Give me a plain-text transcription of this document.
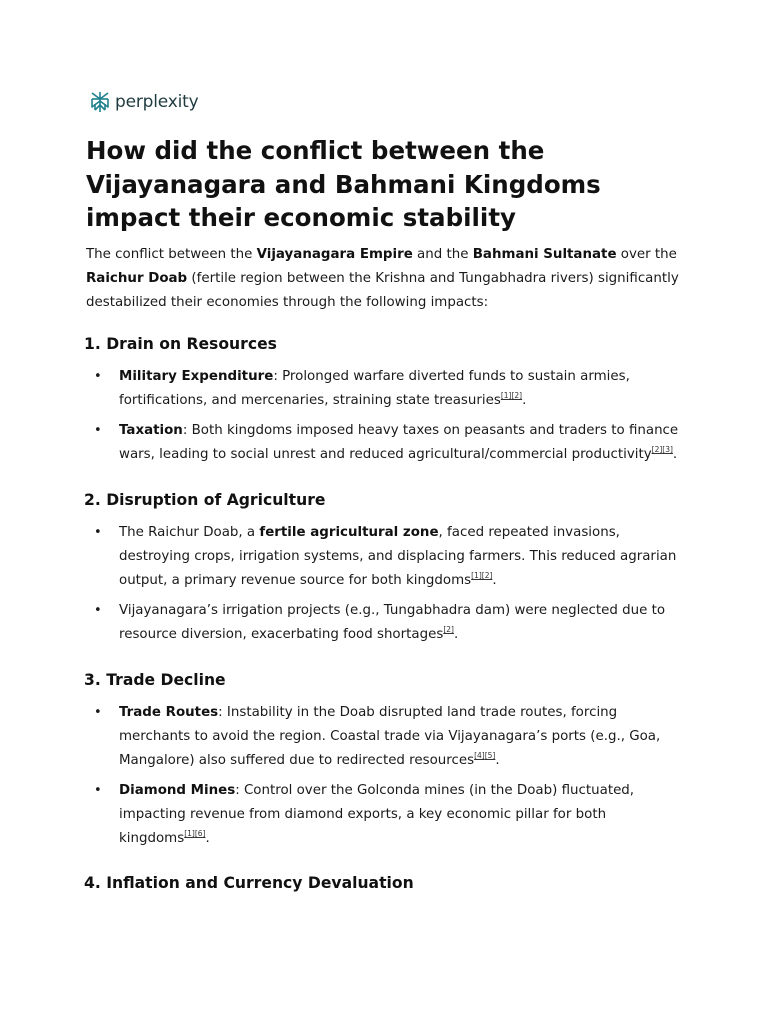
perplexity
How did the conflict between the Vijayanagara and Bahmani Kingdoms impact their economic stability

The conflict between the Vijayanagara Empire and the Bahmani Sultanate over the Raichur Doab (fertile region between the Krishna and Tungabhadra rivers) significantly destabilized their economies through the following impacts:

1. Drain on Resources
• Military Expenditure: Prolonged warfare diverted funds to sustain armies, fortifications, and mercenaries, straining state treasuries[1][2].
• Taxation: Both kingdoms imposed heavy taxes on peasants and traders to finance wars, leading to social unrest and reduced agricultural/commercial productivity[2][3].
2. Disruption of Agriculture
• The Raichur Doab, a fertile agricultural zone, faced repeated invasions, destroying crops, irrigation systems, and displacing farmers. This reduced agrarian output, a primary revenue source for both kingdoms[1][2].
• Vijayanagara’s irrigation projects (e.g., Tungabhadra dam) were neglected due to resource diversion, exacerbating food shortages[2].
3. Trade Decline
• Trade Routes: Instability in the Doab disrupted land trade routes, forcing merchants to avoid the region. Coastal trade via Vijayanagara’s ports (e.g., Goa, Mangalore) also suffered due to redirected resources[4][5].
• Diamond Mines: Control over the Golconda mines (in the Doab) fluctuated, impacting revenue from diamond exports, a key economic pillar for both kingdoms[1][6].
4. Inflation and Currency Devaluation
